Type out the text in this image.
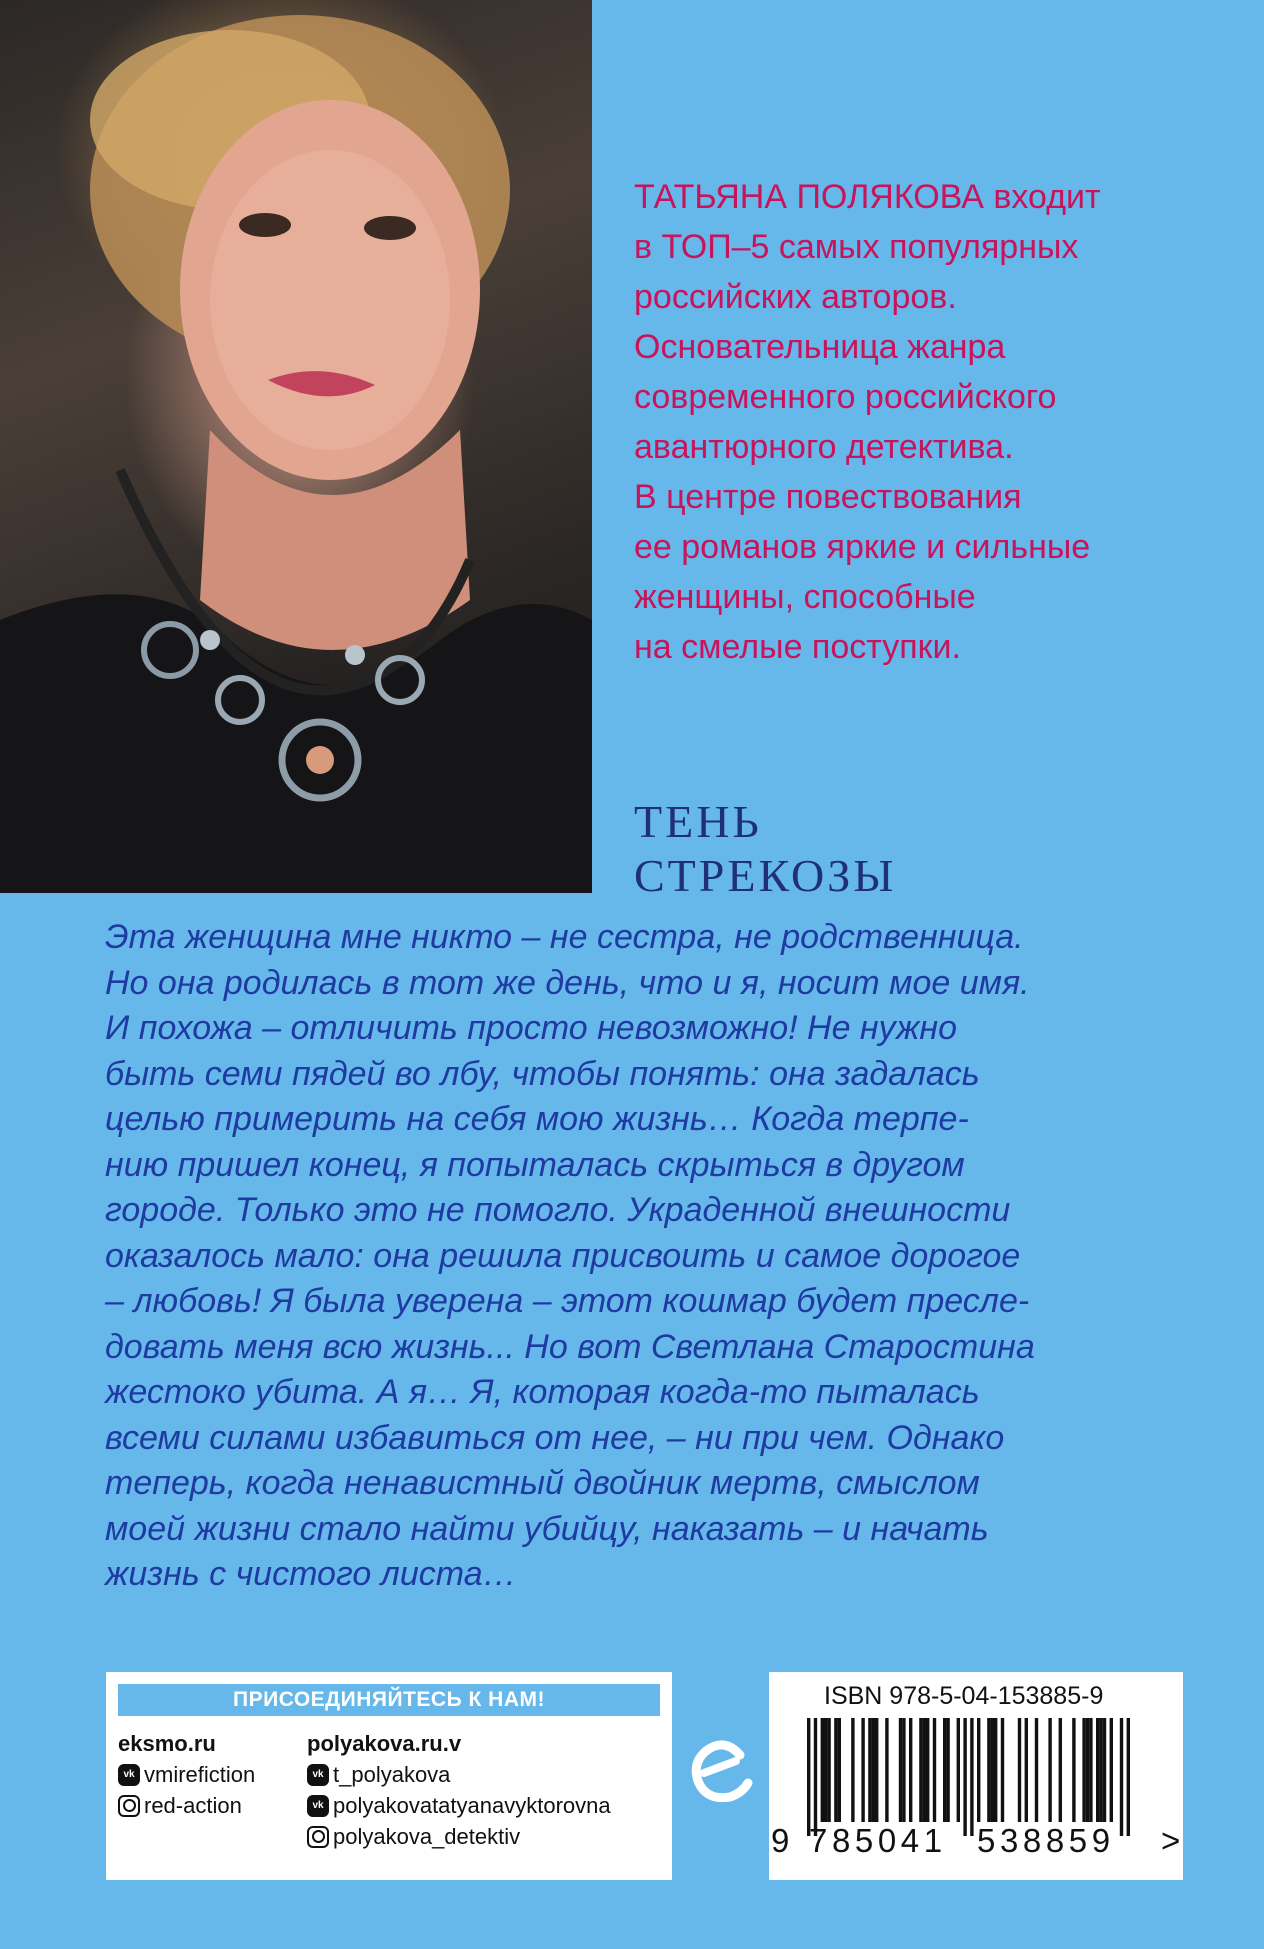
ТАТЬЯНА ПОЛЯКОВА входит
в ТОП–5 самых популярных
российских авторов.
Основательница жанра
современного российского
авантюрного детектива.
В центре повествования
ее романов яркие и сильные
женщины, способные
на смелые поступки.
ТЕНЬ
СТРЕКОЗЫ
Эта женщина мне никто – не сестра, не родственница.
Но она родилась в тот же день, что и я, носит мое имя.
И похожа – отличить просто невозможно! Не нужно
быть семи пядей во лбу, чтобы понять: она задалась
целью примерить на себя мою жизнь… Когда терпе-
нию пришел конец, я попыталась скрыться в другом
городе. Только это не помогло. Украденной внешности
оказалось мало: она решила присвоить и самое дорогое
– любовь! Я была уверена – этот кошмар будет пресле-
довать меня всю жизнь... Но вот Светлана Старостина
жестоко убита. А я… Я, которая когда-то пыталась
всеми силами избавиться от нее, – ни при чем. Однако
теперь, когда ненавистный двойник мертв, смыслом
моей жизни стало найти убийцу, наказать – и начать
жизнь с чистого листа…
ПРИСОЕДИНЯЙТЕСЬ К НАМ!
eksmo.ru
vk vmirefiction
red-action
polyakova.ru.v
vk t_polyakova
vk polyakovatatyanavyktorovna
polyakova_detektiv
ISBN 978-5-04-153885-9
9 785041 538859 >
